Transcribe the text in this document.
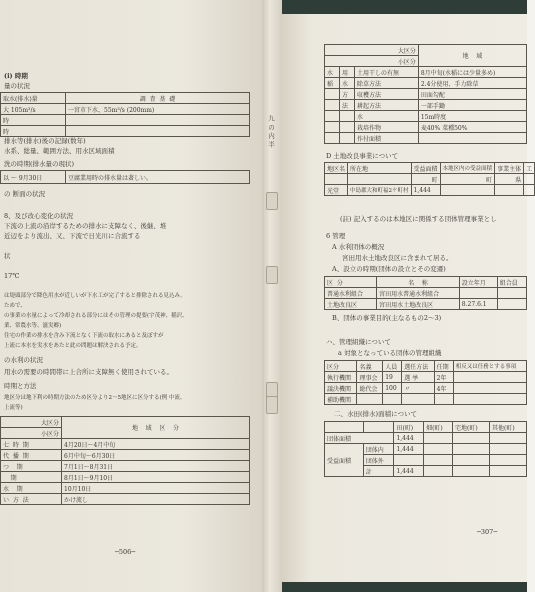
(i) 時期
量の状況
取水(排水)量	調 査 基 礎
大 105m³/s	一宮市下水、55m³/s (200mm)
時	
時	
排水等(排水)後の記録(数年)
水系、総量、範囲方法、用水区域面積
洗の時期(排水量の現状)
以 〜 9月30日	豆腐業用時の排水量は著しい。
の 断面の状況
8、及び改心変化の状況
下流の上流の沿岸するための排水に支障なく、後継、堆
近辺をより流出、又、下流で日光川に合流する
状
17℃
は堤頭部分で降色用水が近しいが下水工が完了すると排除される見込み。
ためで、
の事業の水量によって冷却される部分にはその管理の提要(宇茂神、稲沢、
業、常農水等、滋実郷)
住宅の作業の排水を含み下流となく下流の取水にあると及ぼすが
上流に本水を実水をあたと此の問題は解決される予定。
の水利の状況
用水の需要の時間帯に上合所に支障無く使用されている。
時期と方法
地区分は地下利の時期方法のため区分より2〜5地区に区分する(例 中流、
上流等)
大区分	地 域 区 分
小区分	
七 時 期	4月20日〜4月中旬
代 播 期	6月中旬〜6月30日
つ 期	7月1日〜8月31日
期	8月1日〜9月10日
水 期	10月10日
い 方 法	かけ流し
─506─
九 の 内 半
大区分			地 域
小区分			
水	用	土用干しの有無	8月中旬(水稲には少量多め)
稲	水	除草方法	2.4分使用、手力除草
	方	収穫方法	田面勾配
	法	耕起方法	一部手鋤
		水	15m時度
		栽培作物	麦40% 菜種50%
		作付面積	
D 土地改良事業について
地区名	所在地	受益面積	本地区内の受益面積	事業主体	工
		町	町	県	
光堂	中島郡大和町福2ケ町村	1,444			
(註) 記入するのは本地区に関係する団体管理事業とし
6 管理
A 水利団体の概況
宮田用水土地改良区に含まれて居る。
A、設立の時期(団体の設立とその変遷)
区 分	名 称	設立年月	組合員
普通水利組合	宮田用水普通水利組合		
土地改良区	宮田用水土地改良区	8.27.6.1	
B、団体の事業目的(主なるもの2〜3)
ハ、管理組織について
a 対象となっている団体の管理組織
区分	名義	人員	選任方法	任期	相反又は任務とする事項
執行機関	理事会	19	選 挙	2年	
議決機関	総代会	100	〃	4年	
補助機関					
二、水田(排水)面積について
		田(町)	畑(町)	宅地(町)	其他(町)
団体面積		1,444			
受益面積	団体内	1,444			
	団体外				
	計	1,444			
─307─
